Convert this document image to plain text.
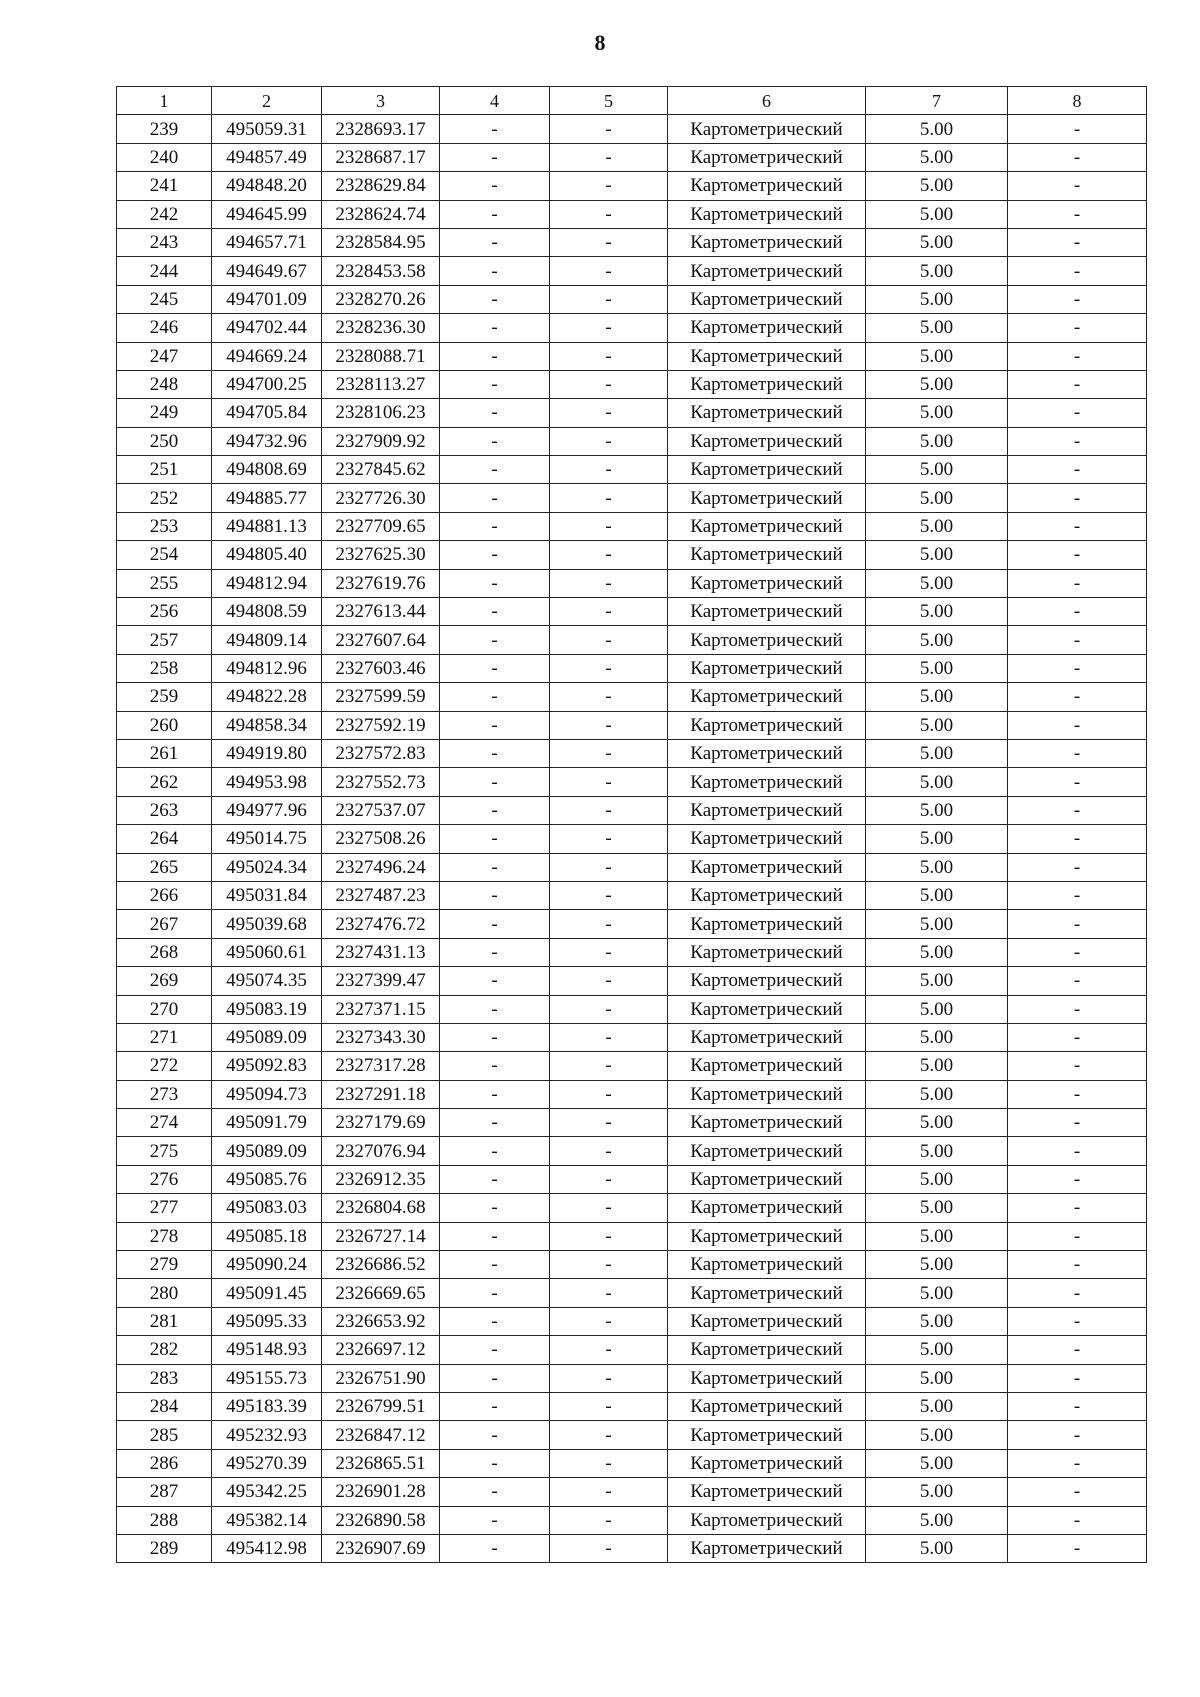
8
1	2	3	4	5	6	7	8
239	495059.31	2328693.17	-	-	Картометрический	5.00	-
240	494857.49	2328687.17	-	-	Картометрический	5.00	-
241	494848.20	2328629.84	-	-	Картометрический	5.00	-
242	494645.99	2328624.74	-	-	Картометрический	5.00	-
243	494657.71	2328584.95	-	-	Картометрический	5.00	-
244	494649.67	2328453.58	-	-	Картометрический	5.00	-
245	494701.09	2328270.26	-	-	Картометрический	5.00	-
246	494702.44	2328236.30	-	-	Картометрический	5.00	-
247	494669.24	2328088.71	-	-	Картометрический	5.00	-
248	494700.25	2328113.27	-	-	Картометрический	5.00	-
249	494705.84	2328106.23	-	-	Картометрический	5.00	-
250	494732.96	2327909.92	-	-	Картометрический	5.00	-
251	494808.69	2327845.62	-	-	Картометрический	5.00	-
252	494885.77	2327726.30	-	-	Картометрический	5.00	-
253	494881.13	2327709.65	-	-	Картометрический	5.00	-
254	494805.40	2327625.30	-	-	Картометрический	5.00	-
255	494812.94	2327619.76	-	-	Картометрический	5.00	-
256	494808.59	2327613.44	-	-	Картометрический	5.00	-
257	494809.14	2327607.64	-	-	Картометрический	5.00	-
258	494812.96	2327603.46	-	-	Картометрический	5.00	-
259	494822.28	2327599.59	-	-	Картометрический	5.00	-
260	494858.34	2327592.19	-	-	Картометрический	5.00	-
261	494919.80	2327572.83	-	-	Картометрический	5.00	-
262	494953.98	2327552.73	-	-	Картометрический	5.00	-
263	494977.96	2327537.07	-	-	Картометрический	5.00	-
264	495014.75	2327508.26	-	-	Картометрический	5.00	-
265	495024.34	2327496.24	-	-	Картометрический	5.00	-
266	495031.84	2327487.23	-	-	Картометрический	5.00	-
267	495039.68	2327476.72	-	-	Картометрический	5.00	-
268	495060.61	2327431.13	-	-	Картометрический	5.00	-
269	495074.35	2327399.47	-	-	Картометрический	5.00	-
270	495083.19	2327371.15	-	-	Картометрический	5.00	-
271	495089.09	2327343.30	-	-	Картометрический	5.00	-
272	495092.83	2327317.28	-	-	Картометрический	5.00	-
273	495094.73	2327291.18	-	-	Картометрический	5.00	-
274	495091.79	2327179.69	-	-	Картометрический	5.00	-
275	495089.09	2327076.94	-	-	Картометрический	5.00	-
276	495085.76	2326912.35	-	-	Картометрический	5.00	-
277	495083.03	2326804.68	-	-	Картометрический	5.00	-
278	495085.18	2326727.14	-	-	Картометрический	5.00	-
279	495090.24	2326686.52	-	-	Картометрический	5.00	-
280	495091.45	2326669.65	-	-	Картометрический	5.00	-
281	495095.33	2326653.92	-	-	Картометрический	5.00	-
282	495148.93	2326697.12	-	-	Картометрический	5.00	-
283	495155.73	2326751.90	-	-	Картометрический	5.00	-
284	495183.39	2326799.51	-	-	Картометрический	5.00	-
285	495232.93	2326847.12	-	-	Картометрический	5.00	-
286	495270.39	2326865.51	-	-	Картометрический	5.00	-
287	495342.25	2326901.28	-	-	Картометрический	5.00	-
288	495382.14	2326890.58	-	-	Картометрический	5.00	-
289	495412.98	2326907.69	-	-	Картометрический	5.00	-
